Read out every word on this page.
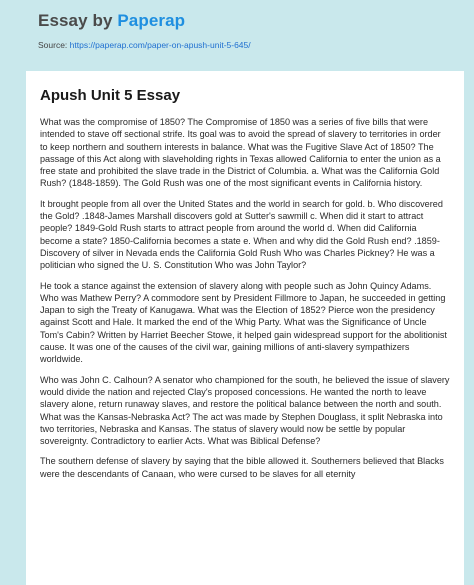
Essay by Paperap
Source: https://paperap.com/paper-on-apush-unit-5-645/
Apush Unit 5 Essay

What was the compromise of 1850? The Compromise of 1850 was a series of five bills that were intended to stave off sectional strife. Its goal was to avoid the spread of slavery to territories in order to keep northern and southern interests in balance. What was the Fugitive Slave Act of 1850? The passage of this Act along with slaveholding rights in Texas allowed California to enter the union as a free state and prohibited the slave trade in the District of Columbia. a. What was the California Gold Rush? (1848-1859). The Gold Rush was one of the most significant events in California history.

It brought people from all over the United States and the world in search for gold. b. Who discovered the Gold? .1848-James Marshall discovers gold at Sutter's sawmill c. When did it start to attract people? 1849-Gold Rush starts to attract people from around the world d. When did California become a state? 1850-California becomes a state e. When and why did the Gold Rush end? .1859-Discovery of silver in Nevada ends the California Gold Rush Who was Charles Pickney? He was a politician who signed the U. S. Constitution Who was John Taylor?

He took a stance against the extension of slavery along with people such as John Quincy Adams. Who was Mathew Perry? A commodore sent by President Fillmore to Japan, he succeeded in getting Japan to sigh the Treaty of Kanugawa. What was the Election of 1852? Pierce won the presidency against Scott and Hale. It marked the end of the Whig Party. What was the Significance of Uncle Tom's Cabin? Written by Harriet Beecher Stowe, it helped gain widespread support for the abolitionist cause. It was one of the causes of the civil war, gaining millions of anti-slavery sympathizers worldwide.

Who was John C. Calhoun? A senator who championed for the south, he believed the issue of slavery would divide the nation and rejected Clay's proposed concessions. He wanted the north to leave slavery alone, return runaway slaves, and restore the political balance between the north and south. What was the Kansas-Nebraska Act? The act was made by Stephen Douglass, it split Nebraska into two territories, Nebraska and Kansas. The status of slavery would now be settle by popular sovereignty. Contradictory to earlier Acts. What was Biblical Defense?

The southern defense of slavery by saying that the bible allowed it. Southerners believed that Blacks were the descendants of Canaan, who were cursed to be slaves for all eternity
